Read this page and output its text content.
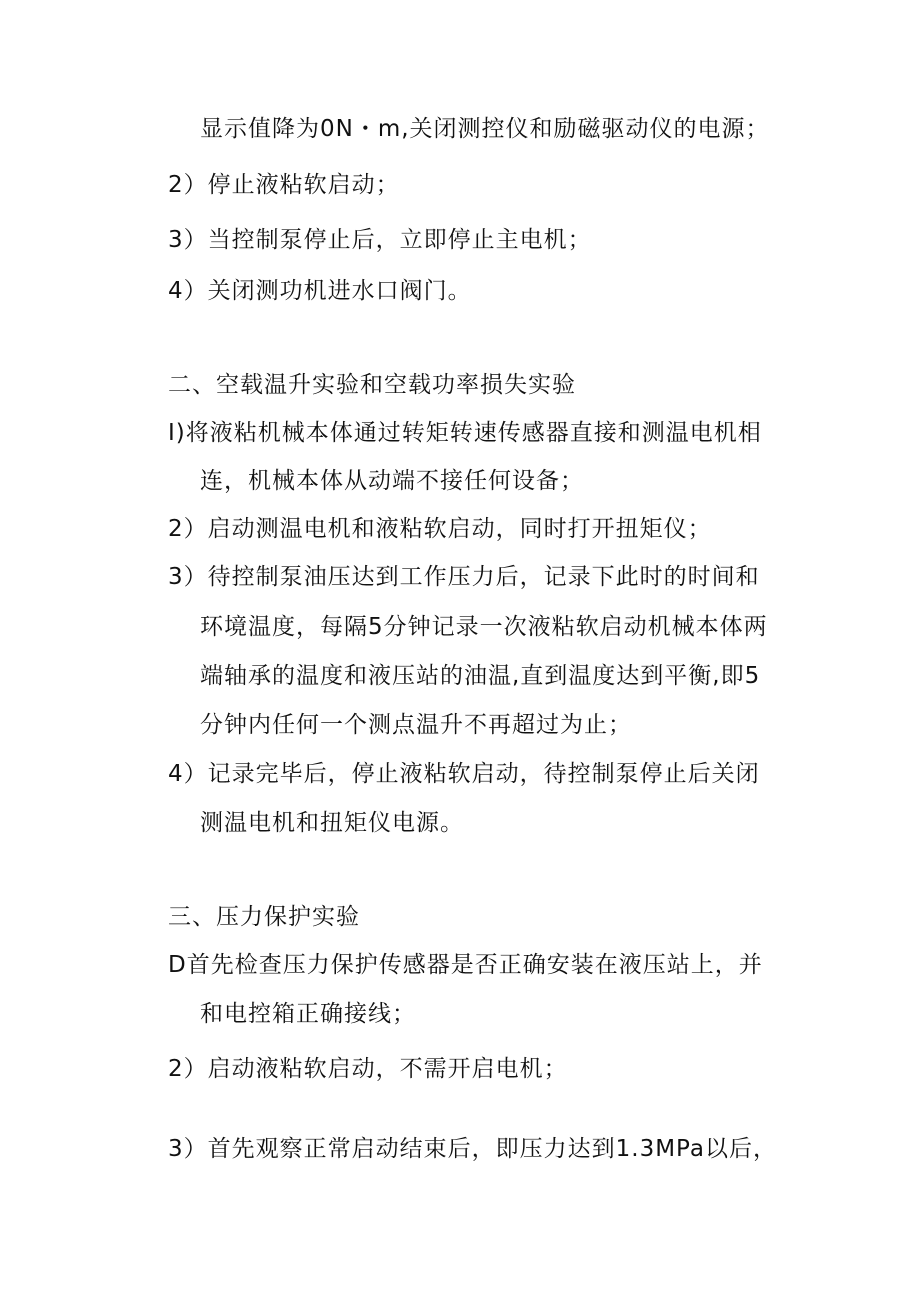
显示值降为0N・m,关闭测控仪和励磁驱动仪的电源；
2）停止液粘软启动；
3）当控制泵停止后，立即停止主电机；
4）关闭测功机进水口阀门。
二、空载温升实验和空载功率损失实验
I)将液粘机械本体通过转矩转速传感器直接和测温电机相
连，机械本体从动端不接任何设备；
2）启动测温电机和液粘软启动，同时打开扭矩仪；
3）待控制泵油压达到工作压力后，记录下此时的时间和
环境温度，每隔5分钟记录一次液粘软启动机械本体两
端轴承的温度和液压站的油温,直到温度达到平衡,即5
分钟内任何一个测点温升不再超过为止；
4）记录完毕后，停止液粘软启动，待控制泵停止后关闭
测温电机和扭矩仪电源。
三、压力保护实验
D首先检查压力保护传感器是否正确安装在液压站上，并
和电控箱正确接线；
2）启动液粘软启动，不需开启电机；
3）首先观察正常启动结束后，即压力达到1.3MPa以后，
